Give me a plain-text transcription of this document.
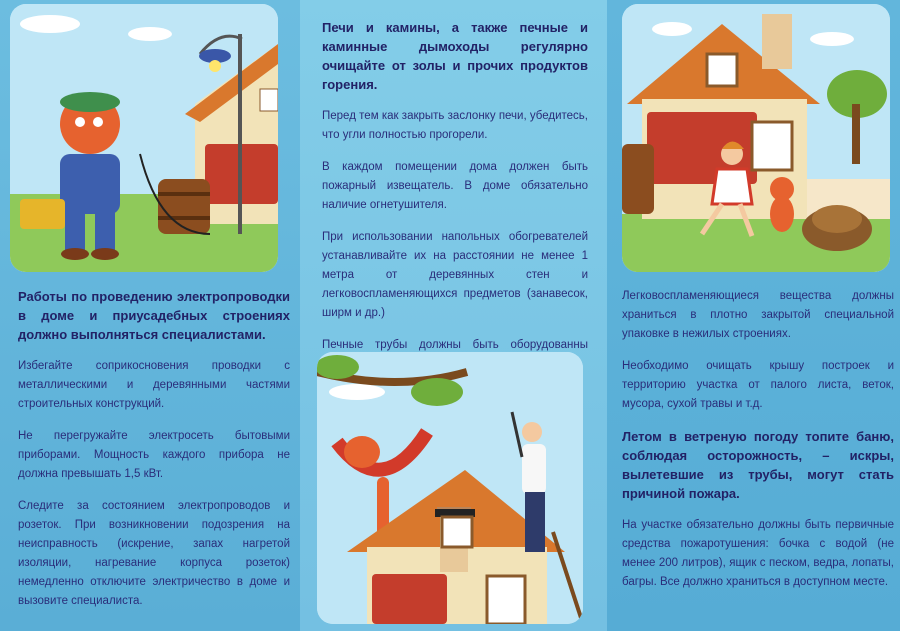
Работы по проведению электропроводки в доме и приусадебных строениях должно выполняться специалистами.

Избегайте соприкосновения проводки с металлическими и деревянными частями строительных конструкций.

Не перегружайте электросеть бытовыми приборами. Мощность каждого прибора не должна превышать 1,5 кВт.

Следите за состоянием электропроводов и розеток. При возникновении подозрения на неисправность (искрение, запах нагретой изоляции, нагревание корпуса розеток) немедленно отключите электричество в доме и вызовите специалиста.

Печи и камины, а также печные и каминные дымоходы регулярно очищайте от золы и прочих продуктов горения.

Перед тем как закрыть заслонку печи, убедитесь, что угли полностью прогорели.

В каждом помещении дома должен быть пожарный извещатель. В доме обязательно наличие огнетушителя.

При использовании напольных обогревателей устанавливайте их на расстоянии не менее 1 метра от деревянных стен и легковоспламеняющихся предметов (занавесок, ширм и др.)

Печные трубы должны быть оборудованны

Легковоспламеняющиеся вещества должны храниться в плотно закрытой специальной упаковке в нежилых строениях.

Необходимо очищать крышу построек и территорию участка от палого листа, веток, мусора, сухой травы и т.д.

Летом в ветреную погоду топите баню, соблюдая осторожность, – искры, вылетевшие из трубы, могут стать причиной пожара.

На участке обязательно должны быть первичные средства пожаротушения: бочка с водой (не менее 200 литров), ящик с песком, ведра, лопаты, багры. Все должно храниться в доступном месте.
